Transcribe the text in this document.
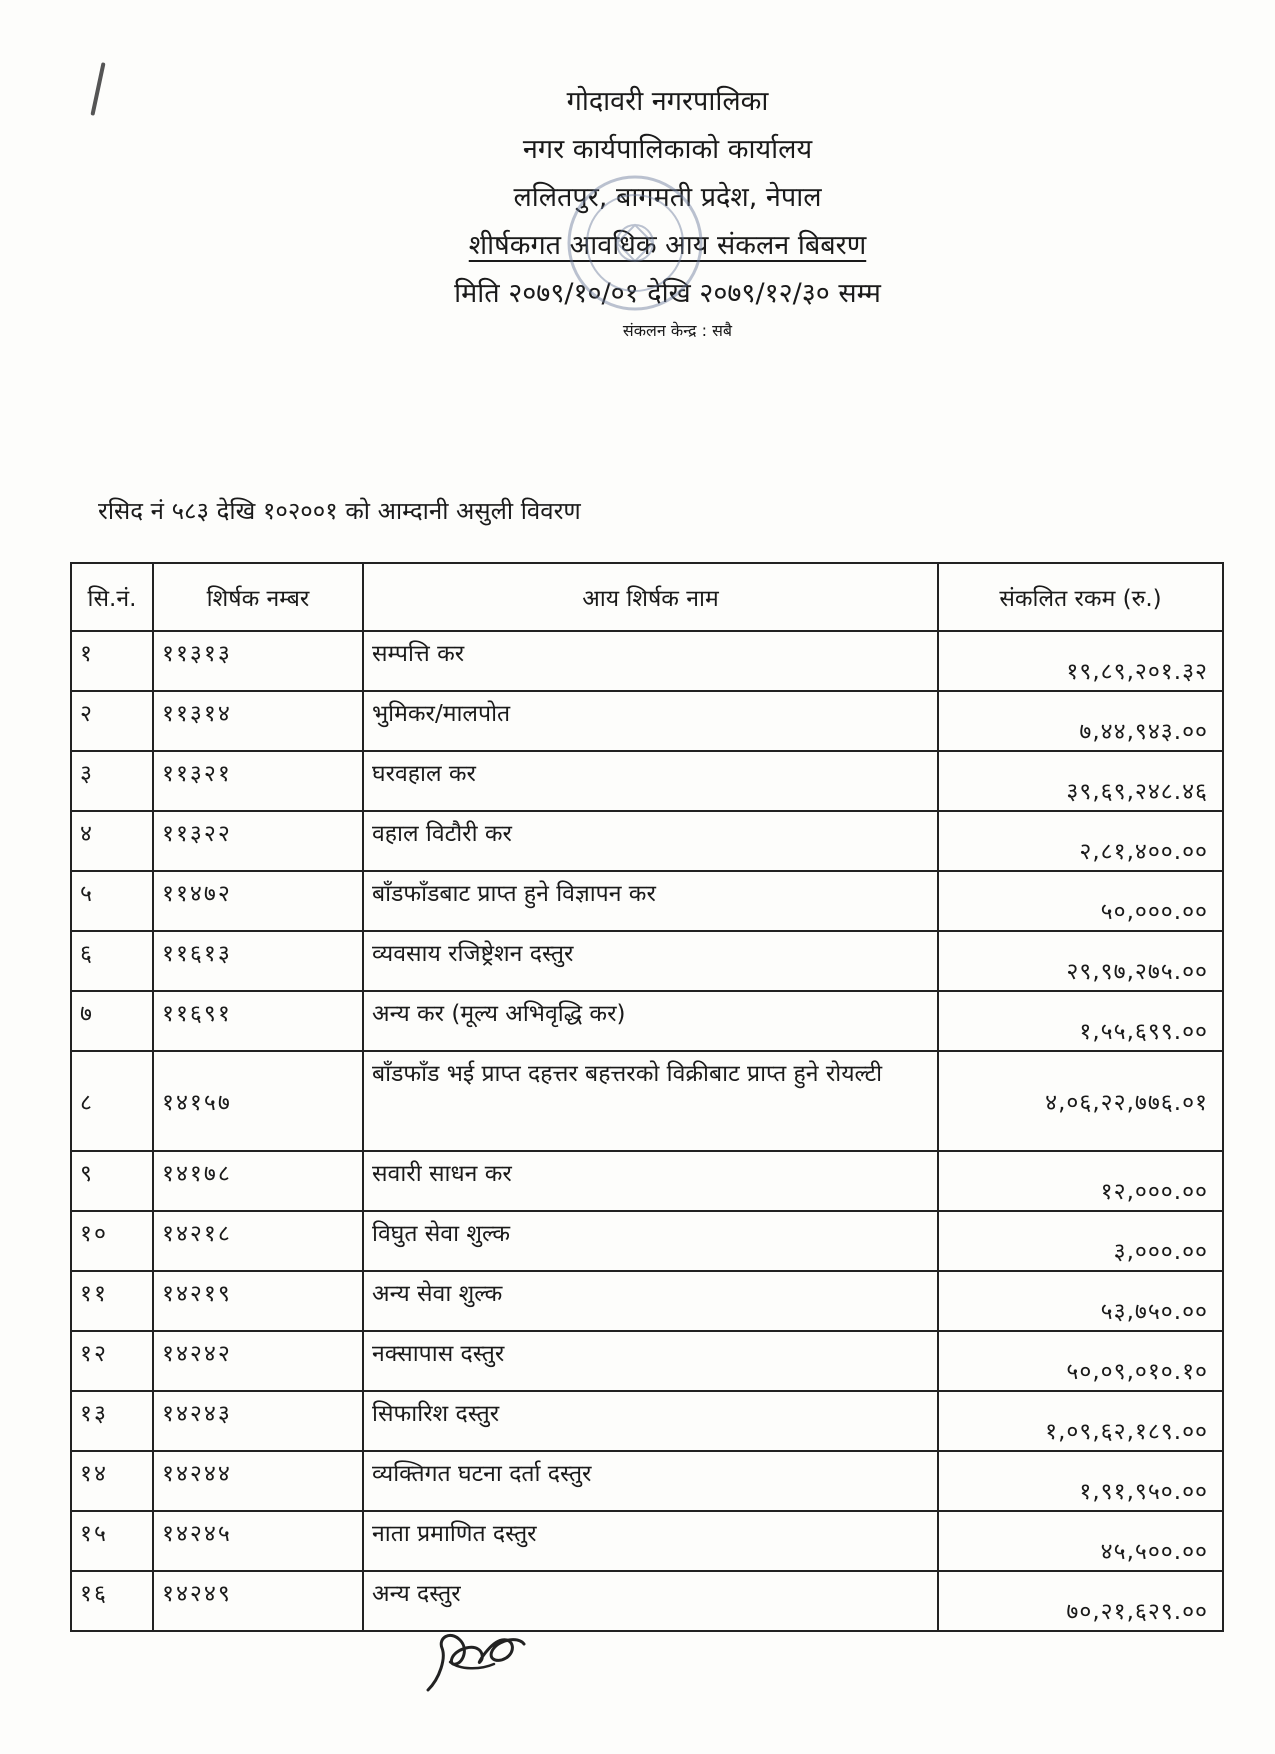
गोदावरी नगरपालिका
नगर कार्यपालिकाको कार्यालय
ललितपुर, बागमती प्रदेश, नेपाल
शीर्षकगत आवधिक आय संकलन बिबरण
मिति २०७९/१०/०१ देखि २०७९/१२/३० सम्म
संकलन केन्द्र : सबै
रसिद नं ५८३ देखि १०२००१ को आम्दानी असुली विवरण
सि.नं.	शिर्षक नम्बर	आय शिर्षक नाम	संकलित रकम (रु.)
१	११३१३	सम्पत्ति कर	१९,८९,२०१.३२
२	११३१४	भुमिकर/मालपोत	७,४४,९४३.००
३	११३२१	घरवहाल कर	३९,६९,२४८.४६
४	११३२२	वहाल विटौरी कर	२,८१,४००.००
५	११४७२	बाँडफाँडबाट प्राप्त हुने विज्ञापन कर	५०,०००.००
६	११६१३	व्यवसाय रजिष्ट्रेशन दस्तुर	२९,९७,२७५.००
७	११६९१	अन्य कर (मूल्य अभिवृद्धि कर)	१,५५,६९९.००
८	१४१५७	बाँडफाँड भई प्राप्त दहत्तर बहत्तरको विक्रीबाट प्राप्त हुने रोयल्टी	४,०६,२२,७७६.०१
९	१४१७८	सवारी साधन कर	१२,०००.००
१०	१४२१८	विघुत सेवा शुल्क	३,०००.००
११	१४२१९	अन्य सेवा शुल्क	५३,७५०.००
१२	१४२४२	नक्सापास दस्तुर	५०,०९,०१०.१०
१३	१४२४३	सिफारिश दस्तुर	१,०९,६२,१८९.००
१४	१४२४४	व्यक्तिगत घटना दर्ता दस्तुर	१,९१,९५०.००
१५	१४२४५	नाता प्रमाणित दस्तुर	४५,५००.००
१६	१४२४९	अन्य दस्तुर	७०,२१,६२९.००
